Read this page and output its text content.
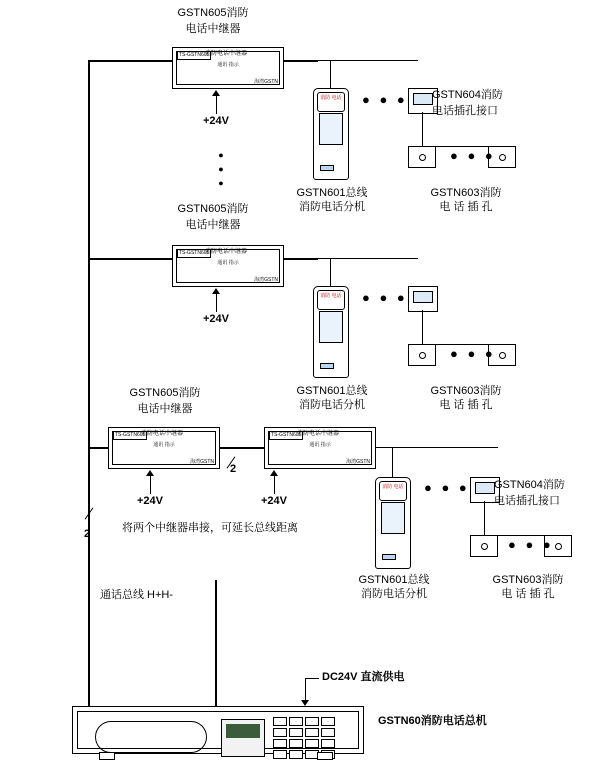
GSTN605消防
电话中继器
TS-GSTN605
消防电话中继器
通讯 指示
海湾GSTN
+24V
●
●
●
消防 电话
GSTN601总线
消防电话分机
● ● ● GSTN604消防
电话插孔接口
● ● ●
GSTN603消防
电 话 插 孔
GSTN605消防
电话中继器
TS-GSTN605
消防电话中继器
通讯 指示
海湾GSTN
+24V
消防 电话
GSTN601总线
消防电话分机
● ● ●
● ● ●
GSTN603消防
电 话 插 孔
GSTN605消防
电话中继器
TS-GSTN605
消防电话中继器
通讯 指示
海湾GSTN
TS-GSTN605
消防电话中继器
通讯 指示
海湾GSTN
2
+24V	+24V
将两个中继器串接，可延长总线距离
2
通话总线 H+H-
消防 电话
GSTN601总线
消防电话分机
● ● ● GSTN604消防
电话插孔接口
● ● ●
GSTN603消防
电 话 插 孔
DC24V 直流供电
GSTN60消防电话总机
